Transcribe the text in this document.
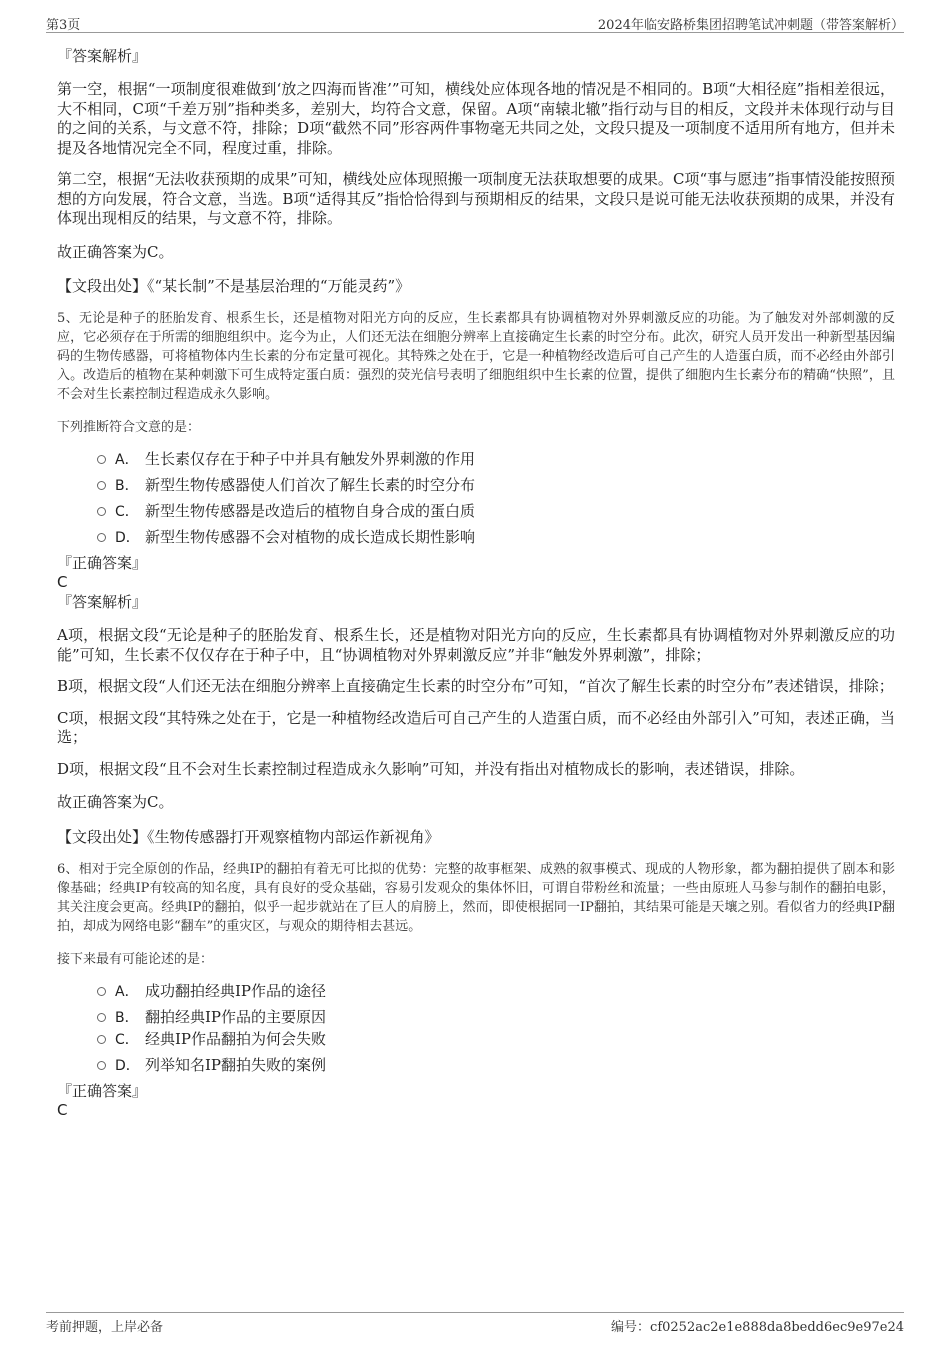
第3页	2024年临安路桥集团招聘笔试冲刺题（带答案解析）

『答案解析』

第一空，根据“一项制度很难做到‘放之四海而皆准’”可知，横线处应体现各地的情况是不相同的。B项“大相径庭”指相差很远，大不相同，C项“千差万别”指种类多，差别大，均符合文意，保留。A项“南辕北辙”指行动与目的相反，文段并未体现行动与目的之间的关系，与文意不符，排除；D项“截然不同”形容两件事物毫无共同之处，文段只提及一项制度不适用所有地方，但并未提及各地情况完全不同，程度过重，排除。

第二空，根据“无法收获预期的成果”可知，横线处应体现照搬一项制度无法获取想要的成果。C项“事与愿违”指事情没能按照预想的方向发展，符合文意，当选。B项“适得其反”指恰恰得到与预期相反的结果，文段只是说可能无法收获预期的成果，并没有体现出现相反的结果，与文意不符，排除。

故正确答案为C。

【文段出处】《“某长制”不是基层治理的“万能灵药”》

5、无论是种子的胚胎发育、根系生长，还是植物对阳光方向的反应，生长素都具有协调植物对外界刺激反应的功能。为了触发对外部刺激的反应，它必须存在于所需的细胞组织中。迄今为止，人们还无法在细胞分辨率上直接确定生长素的时空分布。此次，研究人员开发出一种新型基因编码的生物传感器，可将植物体内生长素的分布定量可视化。其特殊之处在于，它是一种植物经改造后可自己产生的人造蛋白质，而不必经由外部引入。改造后的植物在某种刺激下可生成特定蛋白质：强烈的荧光信号表明了细胞组织中生长素的位置，提供了细胞内生长素分布的精确“快照”，且不会对生长素控制过程造成永久影响。

下列推断符合文意的是：

A． 生长素仅存在于种子中并具有触发外界刺激的作用
B． 新型生物传感器使人们首次了解生长素的时空分布
C． 新型生物传感器是改造后的植物自身合成的蛋白质
D． 新型生物传感器不会对植物的成长造成长期性影响

『正确答案』

C

『答案解析』

A项，根据文段“无论是种子的胚胎发育、根系生长，还是植物对阳光方向的反应，生长素都具有协调植物对外界刺激反应的功能”可知，生长素不仅仅存在于种子中，且“协调植物对外界刺激反应”并非“触发外界刺激”，排除；

B项，根据文段“人们还无法在细胞分辨率上直接确定生长素的时空分布”可知，“首次了解生长素的时空分布”表述错误，排除；

C项，根据文段“其特殊之处在于，它是一种植物经改造后可自己产生的人造蛋白质，而不必经由外部引入”可知，表述正确，当选；

D项，根据文段“且不会对生长素控制过程造成永久影响”可知，并没有指出对植物成长的影响，表述错误，排除。

故正确答案为C。

【文段出处】《生物传感器打开观察植物内部运作新视角》

6、相对于完全原创的作品，经典IP的翻拍有着无可比拟的优势：完整的故事框架、成熟的叙事模式、现成的人物形象，都为翻拍提供了剧本和影像基础；经典IP有较高的知名度，具有良好的受众基础，容易引发观众的集体怀旧，可谓自带粉丝和流量；一些由原班人马参与制作的翻拍电影，其关注度会更高。经典IP的翻拍，似乎一起步就站在了巨人的肩膀上，然而，即使根据同一IP翻拍，其结果可能是天壤之别。看似省力的经典IP翻拍，却成为网络电影“翻车”的重灾区，与观众的期待相去甚远。

接下来最有可能论述的是：

A． 成功翻拍经典IP作品的途径
B． 翻拍经典IP作品的主要原因
C． 经典IP作品翻拍为何会失败
D． 列举知名IP翻拍失败的案例

『正确答案』

C

考前押题，上岸必备	编号：cf0252ac2e1e888da8bedd6ec9e97e24
